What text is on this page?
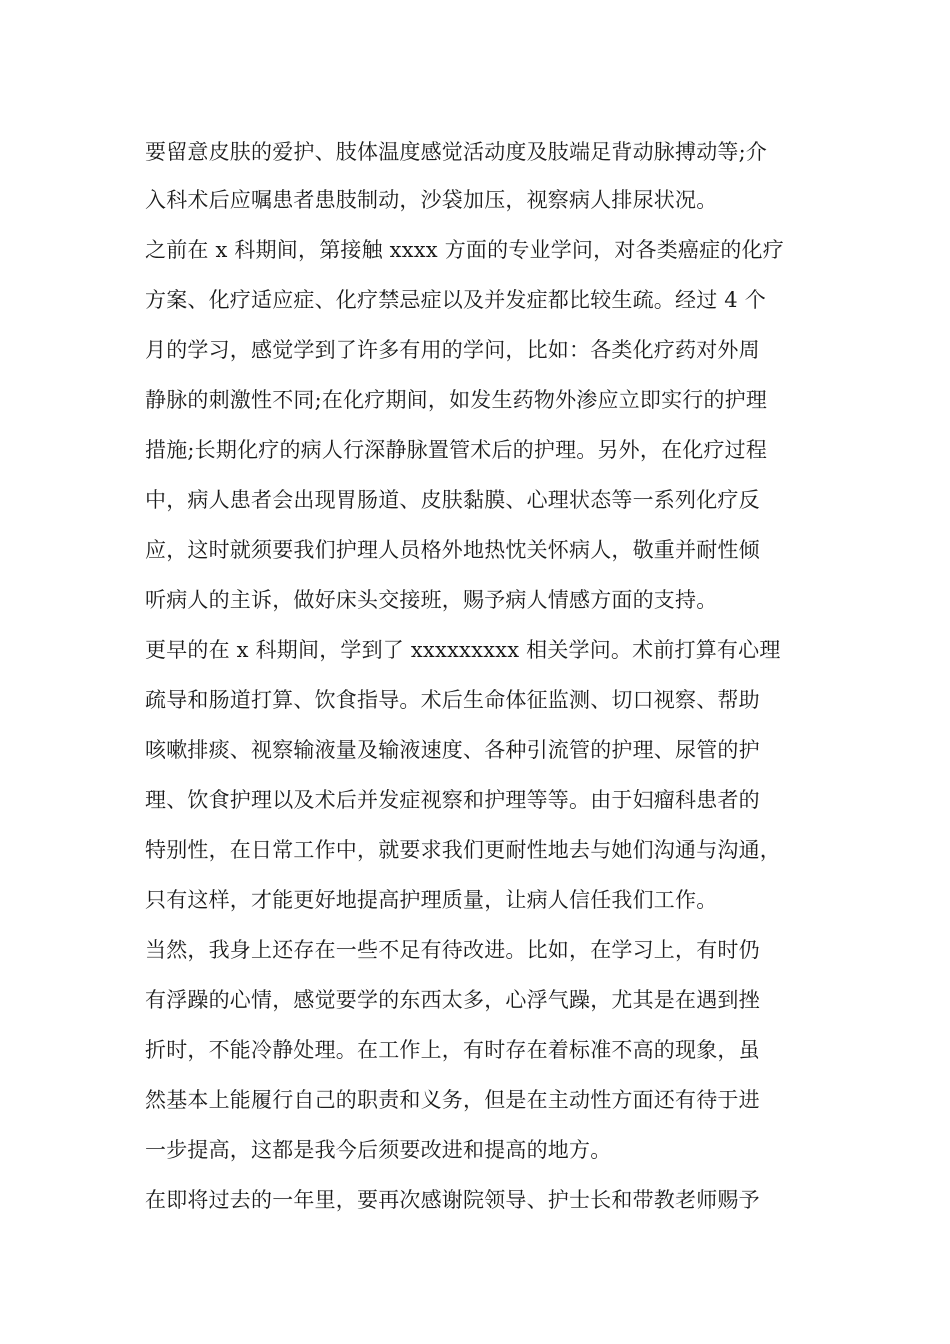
要留意皮肤的爱护、肢体温度感觉活动度及肢端足背动脉搏动等;介
入科术后应嘱患者患肢制动，沙袋加压，视察病人排尿状况。
之前在 x 科期间，第接触 xxxx 方面的专业学问，对各类癌症的化疗
方案、化疗适应症、化疗禁忌症以及并发症都比较生疏。经过 4 个
月的学习，感觉学到了许多有用的学问，比如：各类化疗药对外周
静脉的刺激性不同;在化疗期间，如发生药物外渗应立即实行的护理
措施;长期化疗的病人行深静脉置管术后的护理。另外，在化疗过程
中，病人患者会出现胃肠道、皮肤黏膜、心理状态等一系列化疗反
应，这时就须要我们护理人员格外地热忱关怀病人，敬重并耐性倾
听病人的主诉，做好床头交接班，赐予病人情感方面的支持。
更早的在 x 科期间，学到了 xxxxxxxxx 相关学问。术前打算有心理
疏导和肠道打算、饮食指导。术后生命体征监测、切口视察、帮助
咳嗽排痰、视察输液量及输液速度、各种引流管的护理、尿管的护
理、饮食护理以及术后并发症视察和护理等等。由于妇瘤科患者的
特别性，在日常工作中，就要求我们更耐性地去与她们沟通与沟通，
只有这样，才能更好地提高护理质量，让病人信任我们工作。
当然，我身上还存在一些不足有待改进。比如，在学习上，有时仍
有浮躁的心情，感觉要学的东西太多，心浮气躁，尤其是在遇到挫
折时，不能冷静处理。在工作上，有时存在着标准不高的现象，虽
然基本上能履行自己的职责和义务，但是在主动性方面还有待于进
一步提高，这都是我今后须要改进和提高的地方。
在即将过去的一年里，要再次感谢院领导、护士长和带教老师赐予
